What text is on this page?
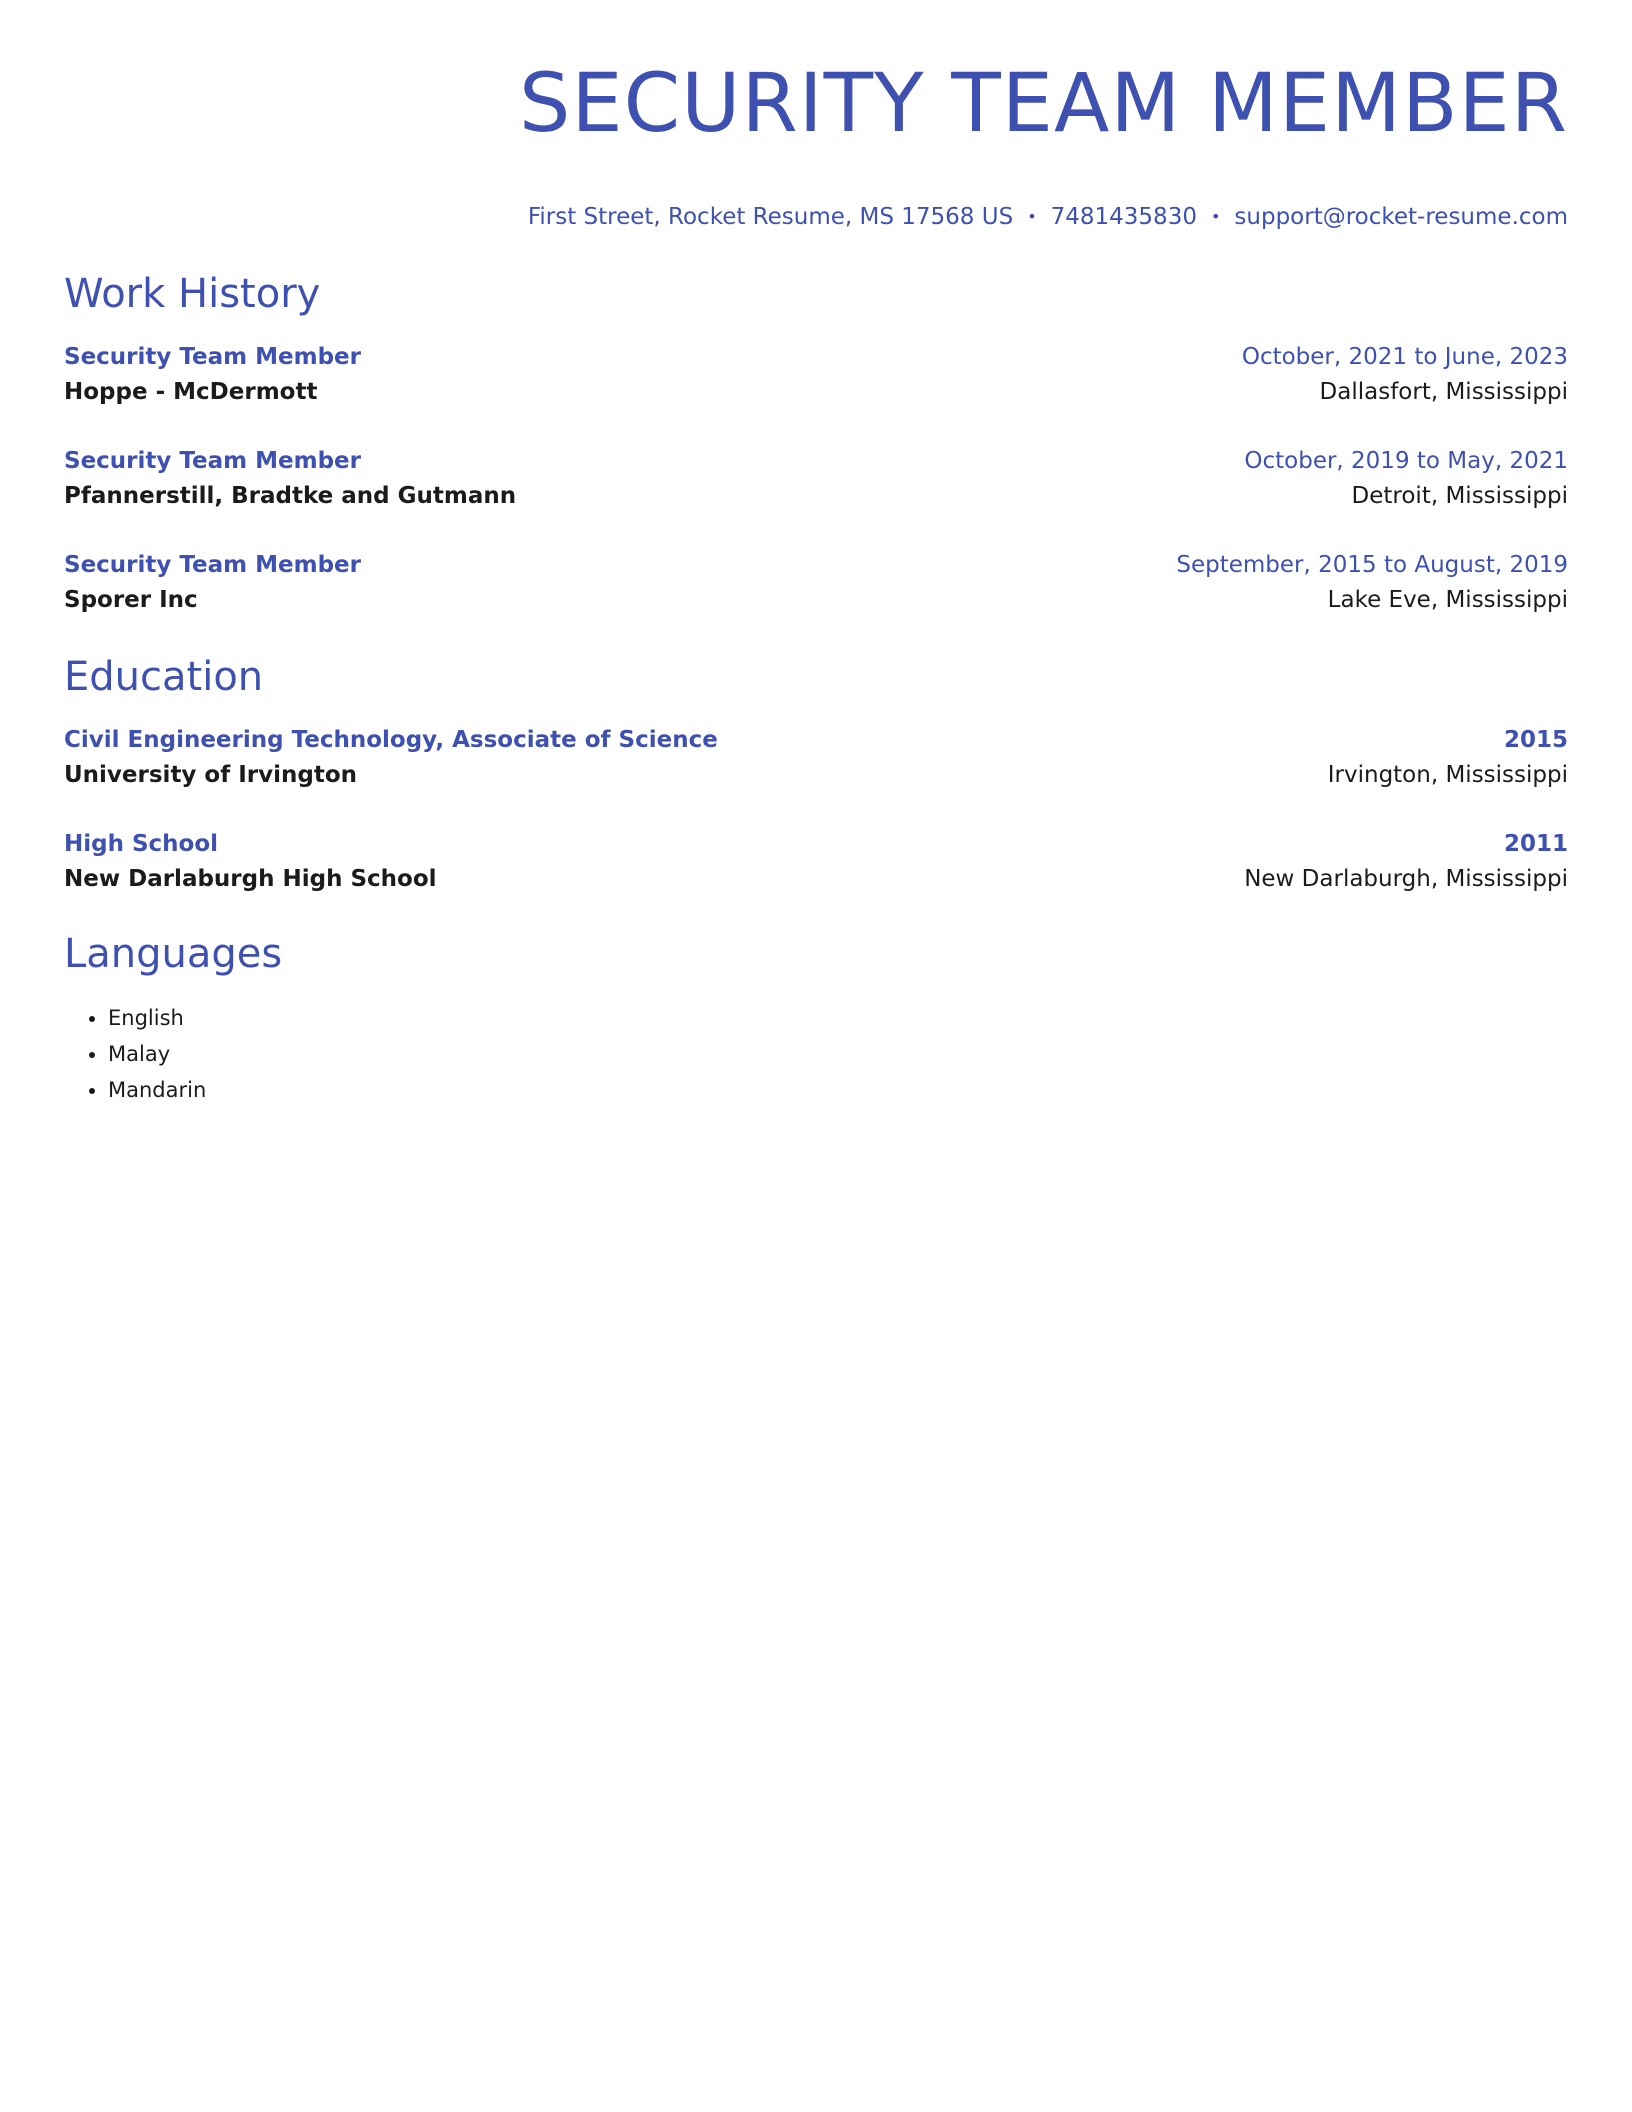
SECURITY TEAM MEMBER
First Street, Rocket Resume, MS 17568 US • 7481435830 • support@rocket-resume.com
Work History
Security Team Member
Hoppe - McDermott
October, 2021 to June, 2023
Dallasfort, Mississippi
Security Team Member
Pfannerstill, Bradtke and Gutmann
October, 2019 to May, 2021
Detroit, Mississippi
Security Team Member
Sporer Inc
September, 2015 to August, 2019
Lake Eve, Mississippi
Education
Civil Engineering Technology, Associate of Science
University of Irvington
2015
Irvington, Mississippi
High School
New Darlaburgh High School
2011
New Darlaburgh, Mississippi
Languages
• English
• Malay
• Mandarin
